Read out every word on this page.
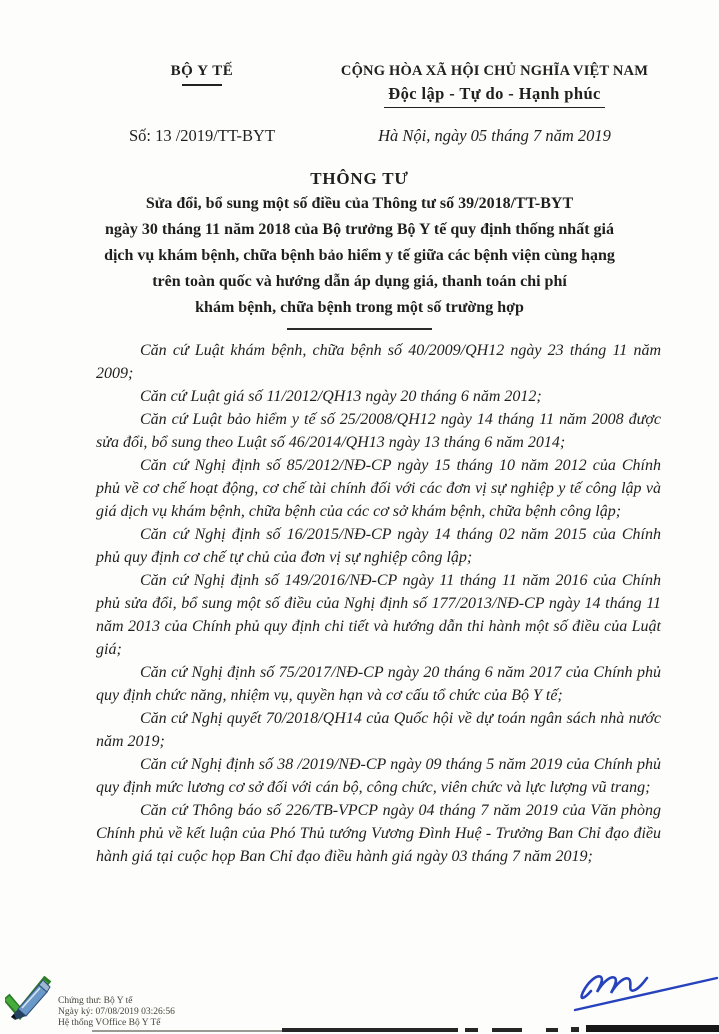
BỘ Y TẾ	CỘNG HÒA XÃ HỘI CHỦ NGHĨA VIỆT NAM
Độc lập - Tự do - Hạnh phúc
Số: 13 /2019/TT-BYT	Hà Nội, ngày 05 tháng 7 năm 2019
THÔNG TƯ
Sửa đổi, bổ sung một số điều của Thông tư số 39/2018/TT-BYT
ngày 30 tháng 11 năm 2018 của Bộ trưởng Bộ Y tế quy định thống nhất giá
dịch vụ khám bệnh, chữa bệnh bảo hiểm y tế giữa các bệnh viện cùng hạng
trên toàn quốc và hướng dẫn áp dụng giá, thanh toán chi phí
khám bệnh, chữa bệnh trong một số trường hợp

Căn cứ Luật khám bệnh, chữa bệnh số 40/2009/QH12 ngày 23 tháng 11 năm 2009;

Căn cứ Luật giá số 11/2012/QH13 ngày 20 tháng 6 năm 2012;

Căn cứ Luật bảo hiểm y tế số 25/2008/QH12 ngày 14 tháng 11 năm 2008 được sửa đổi, bổ sung theo Luật số 46/2014/QH13 ngày 13 tháng 6 năm 2014;

Căn cứ Nghị định số 85/2012/NĐ-CP ngày 15 tháng 10 năm 2012 của Chính phủ về cơ chế hoạt động, cơ chế tài chính đối với các đơn vị sự nghiệp y tế công lập và giá dịch vụ khám bệnh, chữa bệnh của các cơ sở khám bệnh, chữa bệnh công lập;

Căn cứ Nghị định số 16/2015/NĐ-CP ngày 14 tháng 02 năm 2015 của Chính phủ quy định cơ chế tự chủ của đơn vị sự nghiệp công lập;

Căn cứ Nghị định số 149/2016/NĐ-CP ngày 11 tháng 11 năm 2016 của Chính phủ sửa đổi, bổ sung một số điều của Nghị định số 177/2013/NĐ-CP ngày 14 tháng 11 năm 2013 của Chính phủ quy định chi tiết và hướng dẫn thi hành một số điều của Luật giá;

Căn cứ Nghị định số 75/2017/NĐ-CP ngày 20 tháng 6 năm 2017 của Chính phủ quy định chức năng, nhiệm vụ, quyền hạn và cơ cấu tổ chức của Bộ Y tế;

Căn cứ Nghị quyết 70/2018/QH14 của Quốc hội về dự toán ngân sách nhà nước năm 2019;

Căn cứ Nghị định số 38 /2019/NĐ-CP ngày 09 tháng 5 năm 2019 của Chính phủ quy định mức lương cơ sở đối với cán bộ, công chức, viên chức và lực lượng vũ trang;

Căn cứ Thông báo số 226/TB-VPCP ngày 04 tháng 7 năm 2019 của Văn phòng Chính phủ về kết luận của Phó Thủ tướng Vương Đình Huệ - Trưởng Ban Chỉ đạo điều hành giá tại cuộc họp Ban Chỉ đạo điều hành giá ngày 03 tháng 7 năm 2019;

Chứng thư: Bộ Y tế
Ngày ký: 07/08/2019 03:26:56
Hệ thống VOffice Bộ Y Tế
